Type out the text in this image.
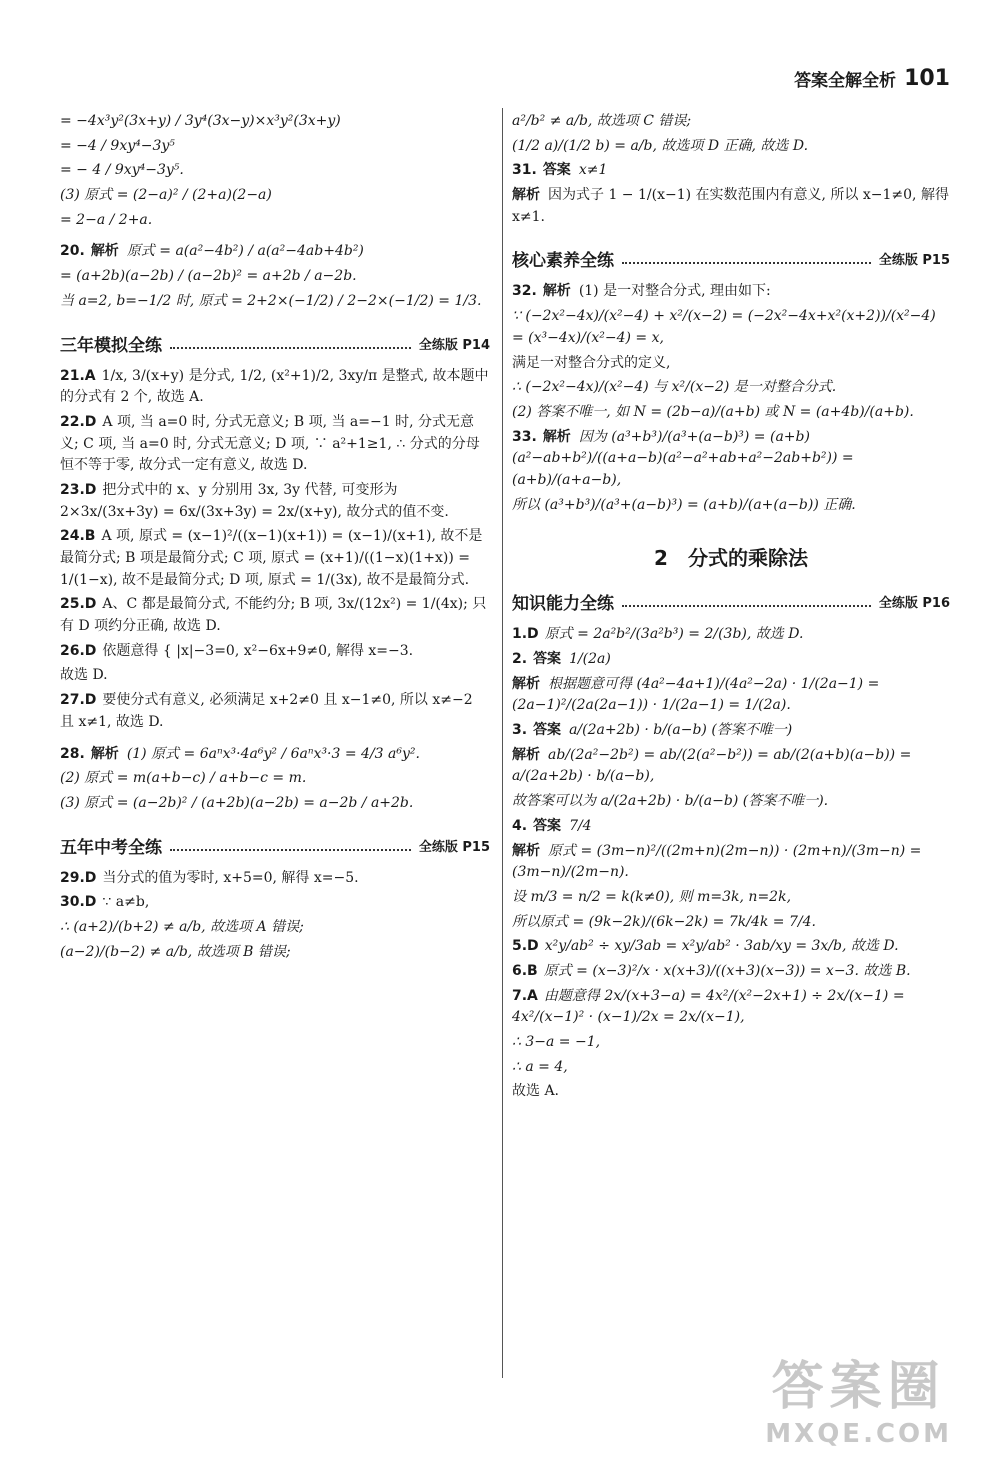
答案全解全析 101
= −4x³y²(3x+y) / 3y⁴(3x−y)×x³y²(3x+y)
= −4 / 9xy⁴−3y⁵
= − 4 / 9xy⁴−3y⁵.
(3) 原式 = (2−a)² / (2+a)(2−a)
= 2−a / 2+a.
20. 解析 原式 = a(a²−4b²) / a(a²−4ab+4b²)
= (a+2b)(a−2b) / (a−2b)² = a+2b / a−2b.
当 a=2, b=−1/2 时, 原式 = 2+2×(−1/2) / 2−2×(−1/2) = 1/3.
三年模拟全练	全练版 P14
21.A 1/x, 3/(x+y) 是分式, 1/2, (x²+1)/2, 3xy/π 是整式, 故本题中的分式有 2 个, 故选 A.
22.D A 项, 当 a=0 时, 分式无意义; B 项, 当 a=−1 时, 分式无意义; C 项, 当 a=0 时, 分式无意义; D 项, ∵ a²+1≥1, ∴ 分式的分母恒不等于零, 故分式一定有意义, 故选 D.
23.D 把分式中的 x、y 分别用 3x, 3y 代替, 可变形为 2×3x/(3x+3y) = 6x/(3x+3y) = 2x/(x+y), 故分式的值不变.
24.B A 项, 原式 = (x−1)²/((x−1)(x+1)) = (x−1)/(x+1), 故不是最简分式; B 项是最简分式; C 项, 原式 = (x+1)/((1−x)(1+x)) = 1/(1−x), 故不是最简分式; D 项, 原式 = 1/(3x), 故不是最简分式.
25.D A、C 都是最简分式, 不能约分; B 项, 3x/(12x²) = 1/(4x); 只有 D 项约分正确, 故选 D.
26.D 依题意得 { |x|−3=0, x²−6x+9≠0, 解得 x=−3.
故选 D.
27.D 要使分式有意义, 必须满足 x+2≠0 且 x−1≠0, 所以 x≠−2 且 x≠1, 故选 D.
28. 解析 (1) 原式 = 6aⁿx³·4a⁶y² / 6aⁿx³·3 = 4/3 a⁶y².
(2) 原式 = m(a+b−c) / a+b−c = m.
(3) 原式 = (a−2b)² / (a+2b)(a−2b) = a−2b / a+2b.
五年中考全练	全练版 P15
29.D 当分式的值为零时, x+5=0, 解得 x=−5.
30.D ∵ a≠b,
∴ (a+2)/(b+2) ≠ a/b, 故选项 A 错误;
(a−2)/(b−2) ≠ a/b, 故选项 B 错误;
a²/b² ≠ a/b, 故选项 C 错误;
(1/2 a)/(1/2 b) = a/b, 故选项 D 正确, 故选 D.
31. 答案 x≠1
解析 因为式子 1 − 1/(x−1) 在实数范围内有意义, 所以 x−1≠0, 解得 x≠1.
核心素养全练	全练版 P15
32. 解析 (1) 是一对整合分式, 理由如下:
∵ (−2x²−4x)/(x²−4) + x²/(x−2) = (−2x²−4x+x²(x+2))/(x²−4) = (x³−4x)/(x²−4) = x,
满足一对整合分式的定义,
∴ (−2x²−4x)/(x²−4) 与 x²/(x−2) 是一对整合分式.
(2) 答案不唯一, 如 N = (2b−a)/(a+b) 或 N = (a+4b)/(a+b).
33. 解析 因为 (a³+b³)/(a³+(a−b)³) = (a+b)(a²−ab+b²)/((a+a−b)(a²−a²+ab+a²−2ab+b²)) = (a+b)/(a+a−b),
所以 (a³+b³)/(a³+(a−b)³) = (a+b)/(a+(a−b)) 正确.
2　分式的乘除法
知识能力全练	全练版 P16
1.D 原式 = 2a²b²/(3a²b³) = 2/(3b), 故选 D.
2. 答案 1/(2a)
解析 根据题意可得 (4a²−4a+1)/(4a²−2a) · 1/(2a−1) = (2a−1)²/(2a(2a−1)) · 1/(2a−1) = 1/(2a).
3. 答案 a/(2a+2b) · b/(a−b) (答案不唯一)
解析 ab/(2a²−2b²) = ab/(2(a²−b²)) = ab/(2(a+b)(a−b)) = a/(2a+2b) · b/(a−b),
故答案可以为 a/(2a+2b) · b/(a−b) (答案不唯一).
4. 答案 7/4
解析 原式 = (3m−n)²/((2m+n)(2m−n)) · (2m+n)/(3m−n) = (3m−n)/(2m−n).
设 m/3 = n/2 = k(k≠0), 则 m=3k, n=2k,
所以原式 = (9k−2k)/(6k−2k) = 7k/4k = 7/4.
5.D x²y/ab² ÷ xy/3ab = x²y/ab² · 3ab/xy = 3x/b, 故选 D.
6.B 原式 = (x−3)²/x · x(x+3)/((x+3)(x−3)) = x−3. 故选 B.
7.A 由题意得 2x/(x+3−a) = 4x²/(x²−2x+1) ÷ 2x/(x−1) = 4x²/(x−1)² · (x−1)/2x = 2x/(x−1),
∴ 3−a = −1,
∴ a = 4,
故选 A.
答案圈
MXQE.COM
